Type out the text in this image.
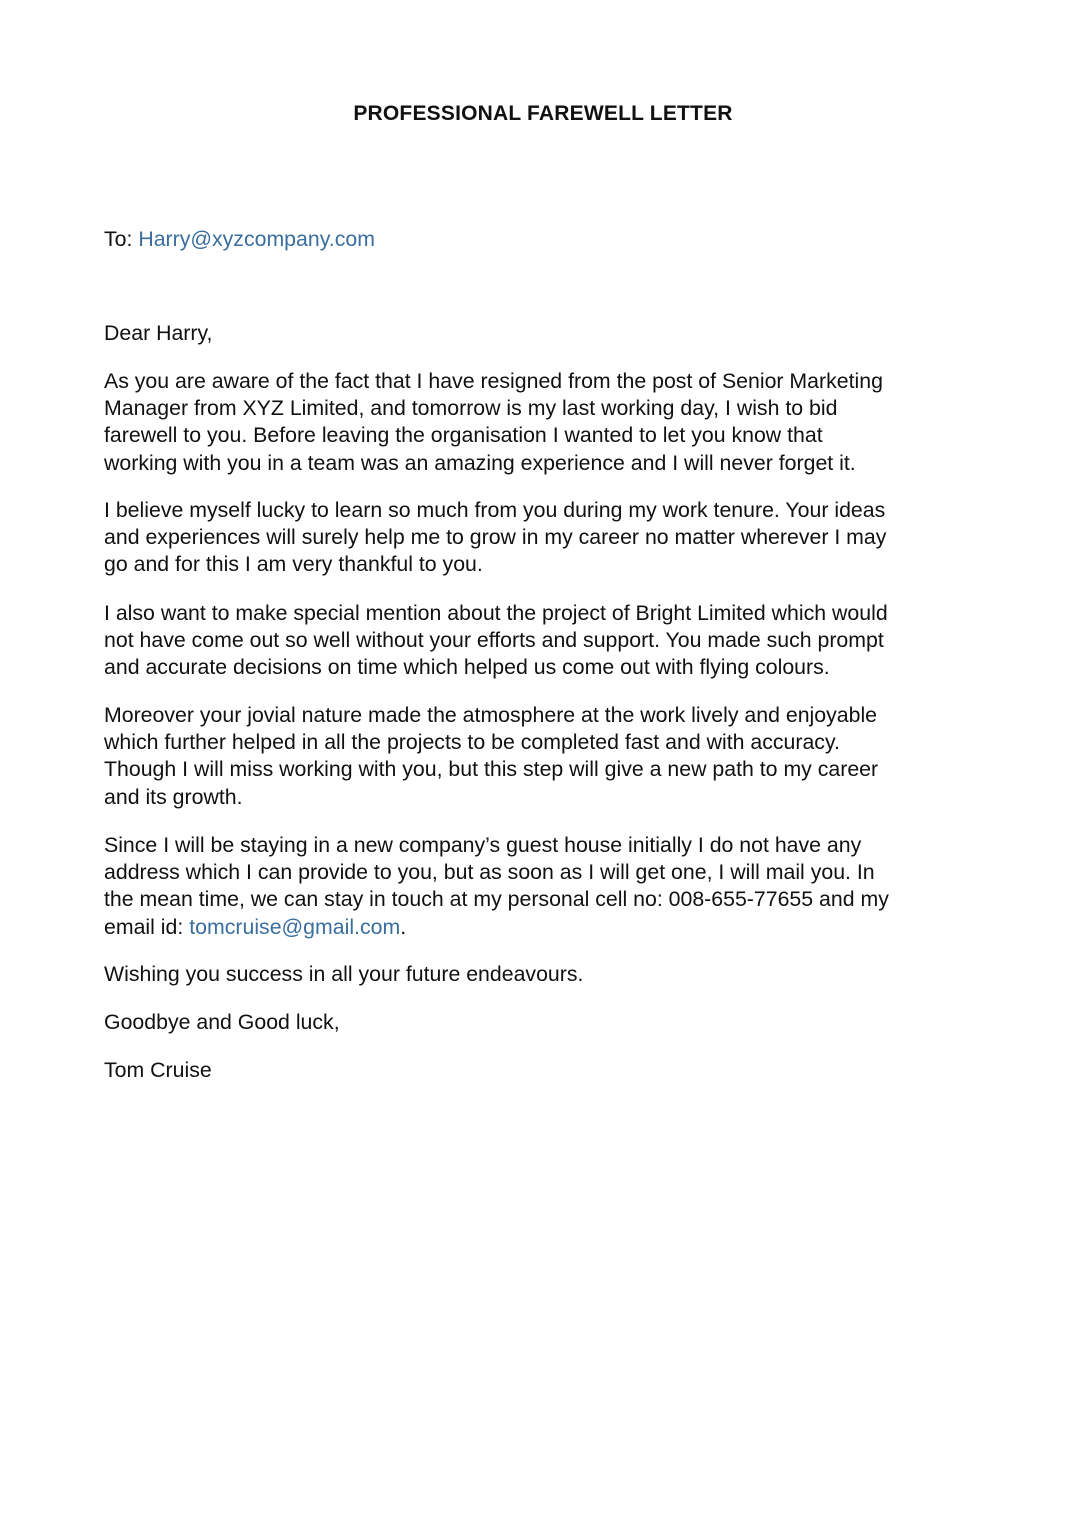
PROFESSIONAL FAREWELL LETTER

To: Harry@xyzcompany.com

Dear Harry,

As you are aware of the fact that I have resigned from the post of Senior Marketing
Manager from XYZ Limited, and tomorrow is my last working day, I wish to bid
farewell to you. Before leaving the organisation I wanted to let you know that
working with you in a team was an amazing experience and I will never forget it.

I believe myself lucky to learn so much from you during my work tenure. Your ideas
and experiences will surely help me to grow in my career no matter wherever I may
go and for this I am very thankful to you.

I also want to make special mention about the project of Bright Limited which would
not have come out so well without your efforts and support. You made such prompt
and accurate decisions on time which helped us come out with flying colours.

Moreover your jovial nature made the atmosphere at the work lively and enjoyable
which further helped in all the projects to be completed fast and with accuracy.
Though I will miss working with you, but this step will give a new path to my career
and its growth.

Since I will be staying in a new company’s guest house initially I do not have any
address which I can provide to you, but as soon as I will get one, I will mail you. In
the mean time, we can stay in touch at my personal cell no: 008-655-77655 and my
email id: tomcruise@gmail.com.

Wishing you success in all your future endeavours.

Goodbye and Good luck,

Tom Cruise
